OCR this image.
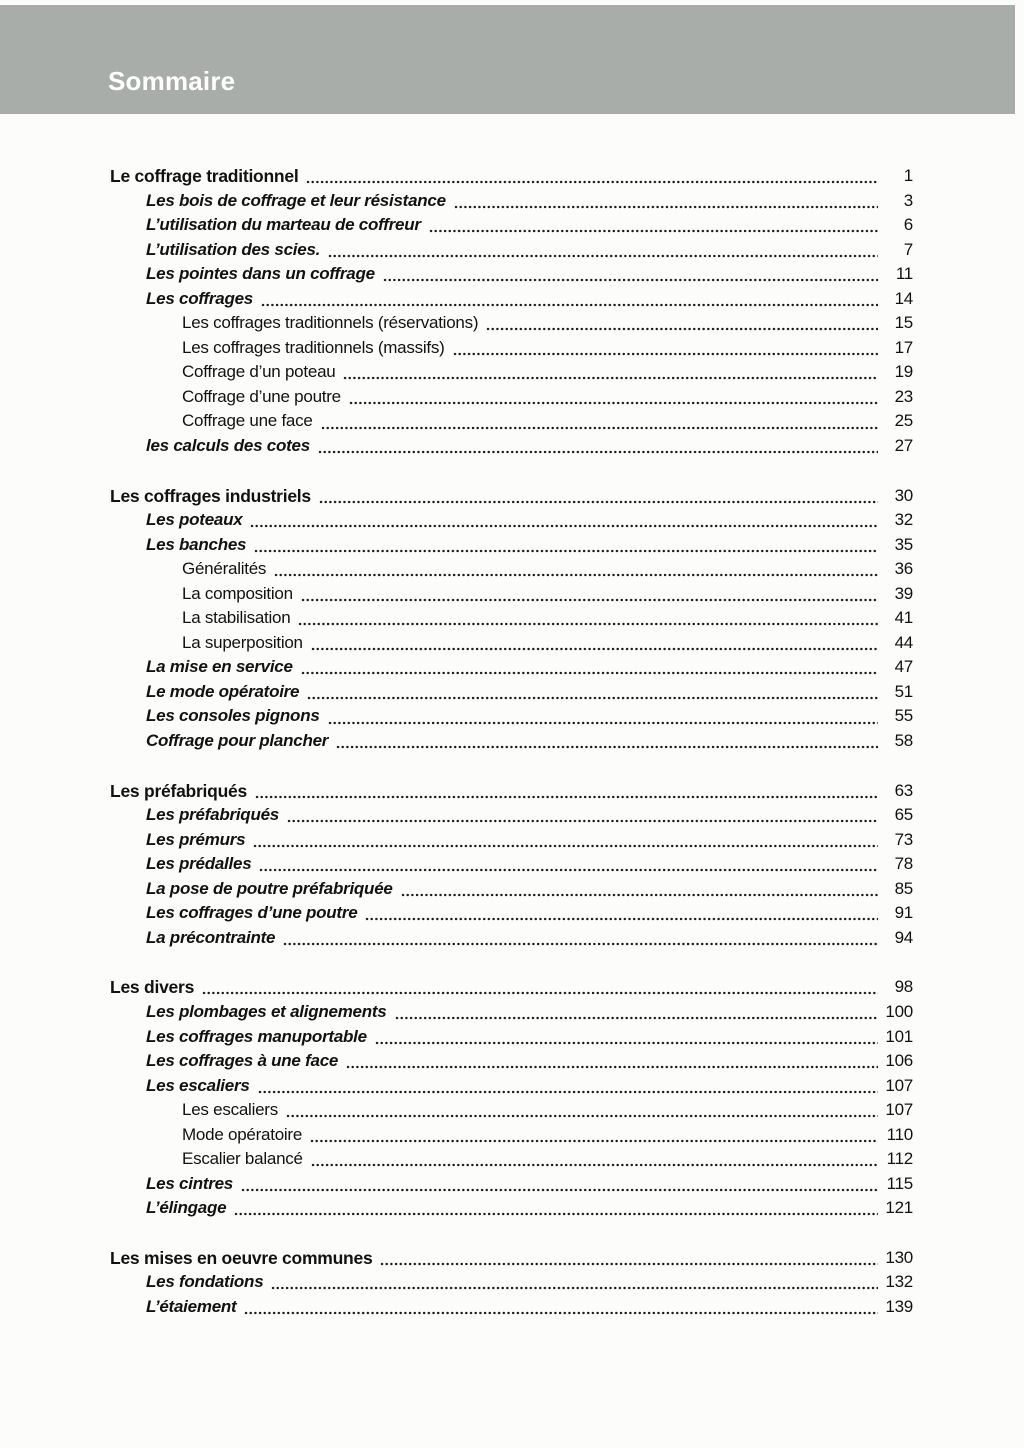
Sommaire
Le coffrage traditionnel	1
Les bois de coffrage et leur résistance	3
L’utilisation du marteau de coffreur	6
L’utilisation des scies.	7
Les pointes dans un coffrage	11
Les coffrages	14
Les coffrages traditionnels (réservations)	15
Les coffrages traditionnels (massifs)	17
Coffrage d’un poteau	19
Coffrage d’une poutre	23
Coffrage une face	25
les calculs des cotes	27
Les coffrages industriels	30
Les poteaux	32
Les banches	35
Généralités	36
La composition	39
La stabilisation	41
La superposition	44
La mise en service	47
Le mode opératoire	51
Les consoles pignons	55
Coffrage pour plancher	58
Les préfabriqués	63
Les préfabriqués	65
Les prémurs	73
Les prédalles	78
La pose de poutre préfabriquée	85
Les coffrages d’une poutre	91
La précontrainte	94
Les divers	98
Les plombages et alignements	100
Les coffrages manuportable	101
Les coffrages à une face	106
Les escaliers	107
Les escaliers	107
Mode opératoire	110
Escalier balancé	112
Les cintres	115
L’élingage	121
Les mises en oeuvre communes	130
Les fondations	132
L’étaiement	139
